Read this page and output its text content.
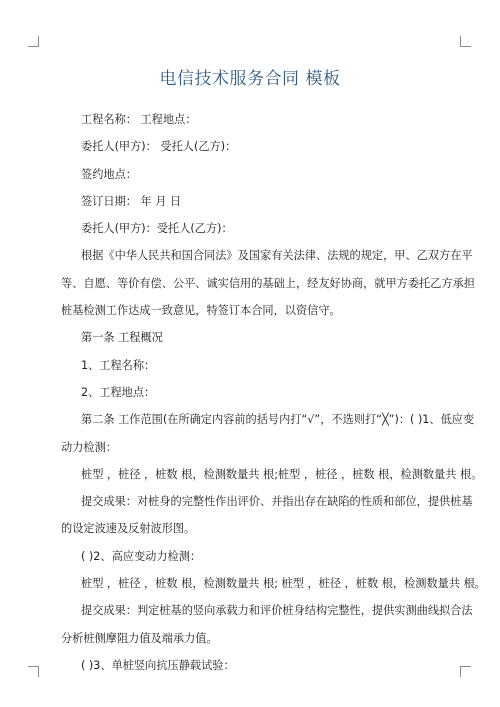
电信技术服务合同 模板
工程名称： 工程地点：
委托人(甲方)： 受托人(乙方)：
签约地点：
签订日期： 年 月 日
委托人(甲方)：受托人(乙方)：
根据《中华人民共和国合同法》及国家有关法律、法规的规定，甲、乙双方在平
等、自愿、等价有偿、公平、诚实信用的基础上，经友好协商，就甲方委托乙方承担
桩基检测工作达成一致意见，特签订本合同，以资信守。
第一条 工程概况
1、工程名称：
2、工程地点：
第二条 工作范围(在所确定内容前的括号内打“√”，不选则打“╳”)：( )1、低应变
动力检测：
桩型 ，桩径 ，桩数 根，检测数量共 根;桩型 ，桩径 ，桩数 根，检测数量共 根。
提交成果：对桩身的完整性作出评价、并指出存在缺陷的性质和部位，提供桩基
的设定波速及反射波形图。
( )2、高应变动力检测：
桩型 ，桩径 ，桩数 根，检测数量共 根; 桩型 ，桩径 ，桩数 根，检测数量共 根。
提交成果：判定桩基的竖向承载力和评价桩身结构完整性，提供实测曲线拟合法
分析桩侧摩阻力值及端承力值。
( )3、单桩竖向抗压静载试验：
